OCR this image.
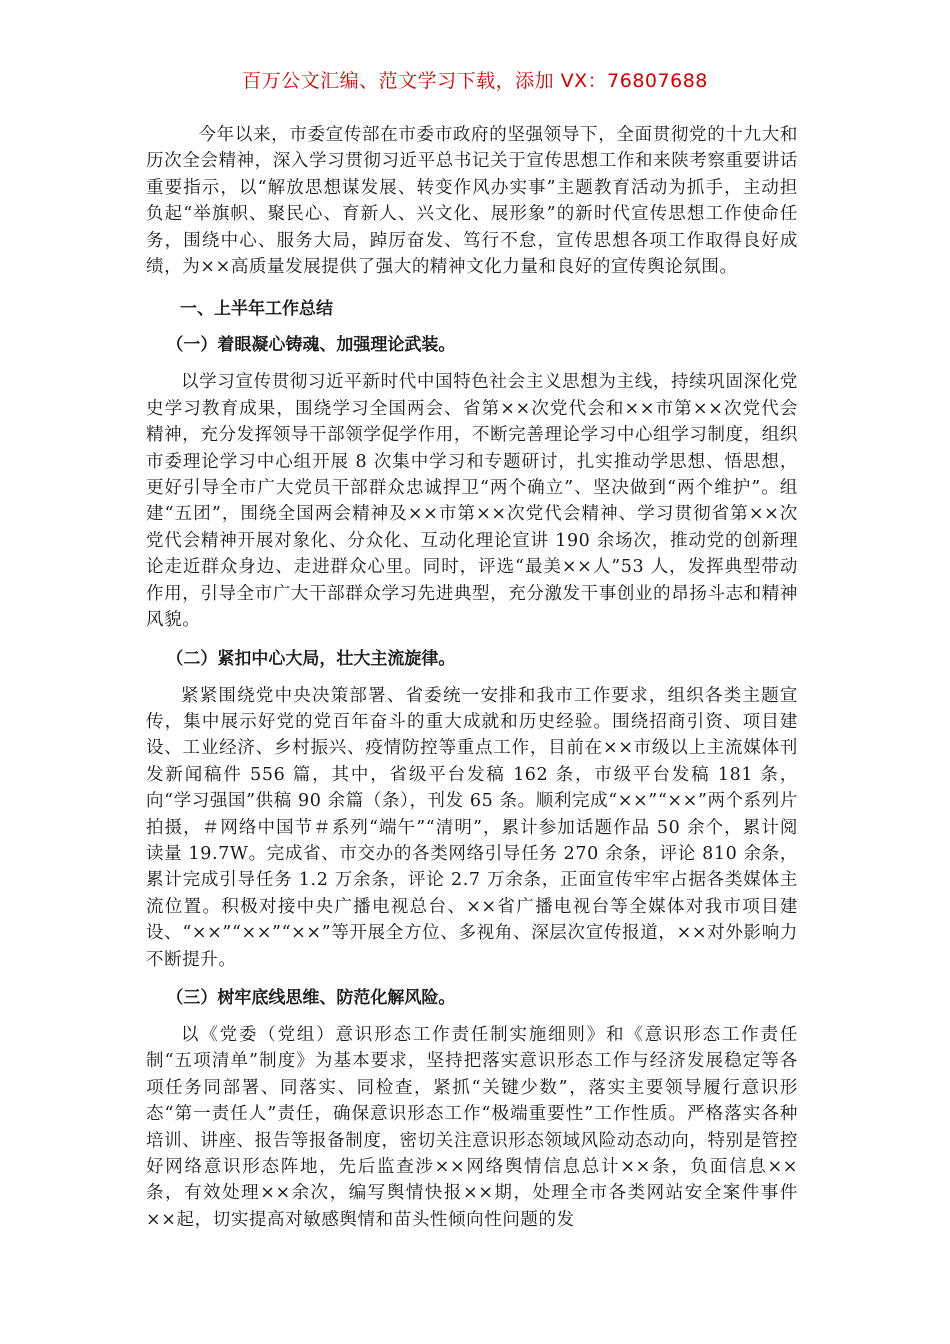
百万公文汇编、范文学习下载，添加 VX：76807688

今年以来，市委宣传部在市委市政府的坚强领导下，全面贯彻党的十九大和历次全会精神，深入学习贯彻习近平总书记关于宣传思想工作和来陕考察重要讲话重要指示，以“解放思想谋发展、转变作风办实事”主题教育活动为抓手，主动担负起“举旗帜、聚民心、育新人、兴文化、展形象”的新时代宣传思想工作使命任务，围绕中心、服务大局，踔厉奋发、笃行不怠，宣传思想各项工作取得良好成绩，为××高质量发展提供了强大的精神文化力量和良好的宣传舆论氛围。

一、上半年工作总结
（一）着眼凝心铸魂、加强理论武装。

以学习宣传贯彻习近平新时代中国特色社会主义思想为主线，持续巩固深化党史学习教育成果，围绕学习全国两会、省第××次党代会和××市第××次党代会精神，充分发挥领导干部领学促学作用，不断完善理论学习中心组学习制度，组织市委理论学习中心组开展 8 次集中学习和专题研讨，扎实推动学思想、悟思想，更好引导全市广大党员干部群众忠诚捍卫“两个确立”、坚决做到“两个维护”。组建“五团”，围绕全国两会精神及××市第××次党代会精神、学习贯彻省第××次党代会精神开展对象化、分众化、互动化理论宣讲 190 余场次，推动党的创新理论走近群众身边、走进群众心里。同时，评选“最美××人”53 人，发挥典型带动作用，引导全市广大干部群众学习先进典型，充分激发干事创业的昂扬斗志和精神风貌。

（二）紧扣中心大局，壮大主流旋律。

紧紧围绕党中央决策部署、省委统一安排和我市工作要求，组织各类主题宣传，集中展示好党的党百年奋斗的重大成就和历史经验。围绕招商引资、项目建设、工业经济、乡村振兴、疫情防控等重点工作，目前在××市级以上主流媒体刊发新闻稿件 556 篇，其中，省级平台发稿 162 条，市级平台发稿 181 条，向“学习强国”供稿 90 余篇（条），刊发 65 条。顺利完成“××”“××”两个系列片拍摄，＃网络中国节＃系列“端午”“清明”，累计参加话题作品 50 余个，累计阅读量 19.7W。完成省、市交办的各类网络引导任务 270 余条，评论 810 余条，累计完成引导任务 1.2 万余条，评论 2.7 万余条，正面宣传牢牢占据各类媒体主流位置。积极对接中央广播电视总台、××省广播电视台等全媒体对我市项目建设、“××”“××”“××”等开展全方位、多视角、深层次宣传报道，××对外影响力不断提升。

（三）树牢底线思维、防范化解风险。

以《党委（党组）意识形态工作责任制实施细则》和《意识形态工作责任制“五项清单”制度》为基本要求，坚持把落实意识形态工作与经济发展稳定等各项任务同部署、同落实、同检查，紧抓“关键少数”，落实主要领导履行意识形态“第一责任人”责任，确保意识形态工作“极端重要性”工作性质。严格落实各种培训、讲座、报告等报备制度，密切关注意识形态领域风险动态动向，特别是管控好网络意识形态阵地，先后监查涉××网络舆情信息总计××条，负面信息××条，有效处理××余次，编写舆情快报××期，处理全市各类网站安全案件事件××起，切实提高对敏感舆情和苗头性倾向性问题的发
